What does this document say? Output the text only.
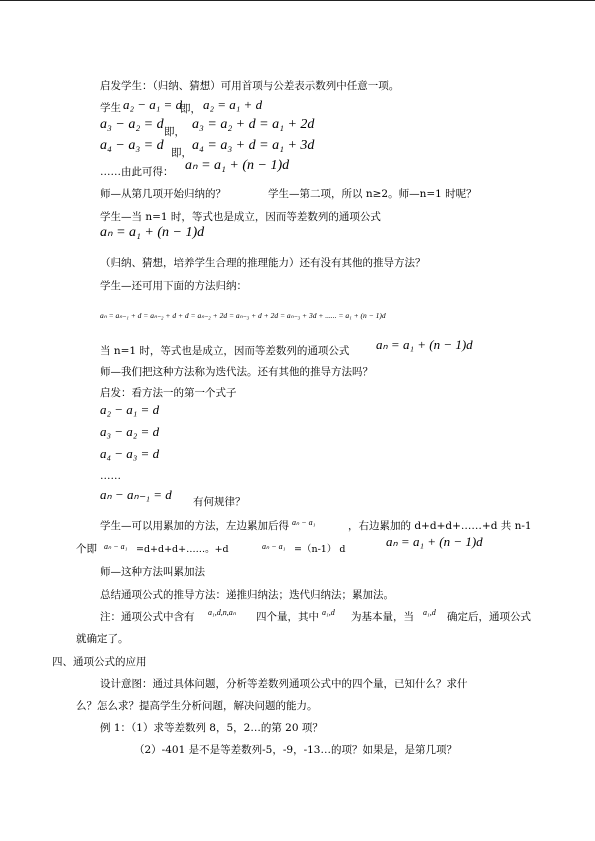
启发学生：（归纳、猜想）可用首项与公差表示数列中任意一项。
学生 a₂ − a₁ = d
即， a₂ = a₁ + d
a₃ − a₂ = d 即， a₃ = a₂ + d = a₁ + 2d
a₄ − a₃ = d 即， a₄ = a₃ + d = a₁ + 3d
……由此可得： aₙ = a₁ + (n − 1)d
师—从第几项开始归纳的？	学生—第二项，所以 n≥2。师—n=1 时呢？
学生—当 n=1 时，等式也是成立，因而等差数列的通项公式
aₙ = a₁ + (n − 1)d
（归纳、猜想，培养学生合理的推理能力）还有没有其他的推导方法？
学生—还可用下面的方法归纳：
aₙ = aₙ₋₁ + d = aₙ₋₂ + d + d = aₙ₋₂ + 2d = aₙ₋₃ + d + 2d = aₙ₋₃ + 3d + ...... = a₁ + (n − 1)d
当 n=1 时，等式也是成立，因而等差数列的通项公式 aₙ = a₁ + (n − 1)d
师—我们把这种方法称为迭代法。还有其他的推导方法吗？
启发：看方法一的第一个式子
a₂ − a₁ = d
a₃ − a₂ = d
a₄ − a₃ = d
……
aₙ − aₙ₋₁ = d 有何规律？
学生—可以用累加的方法，左边累加后得 aₙ − a₁	，右边累加的 d+d+d+……+d 共 n-1
个即 aₙ − a₁ =d+d+d+……。+d	aₙ − a₁ =（n-1） d
aₙ = a₁ + (n − 1)d
师—这种方法叫累加法
总结通项公式的推导方法：递推归纳法；迭代归纳法；累加法。
注：通项公式中含有 a₁,d,n,aₙ 四个量，其中 a₁,d 为基本量，当 a₁,d 确定后，通项公式
就确定了。
四、通项公式的应用
设计意图：通过具体问题，分析等差数列通项公式中的四个量，已知什么？求什
么？怎么求？提高学生分析问题，解决问题的能力。
例 1：（1）求等差数列 8，5，2…的第 20 项？
（2）-401 是不是等差数列-5，-9，-13…的项？如果是，是第几项？
